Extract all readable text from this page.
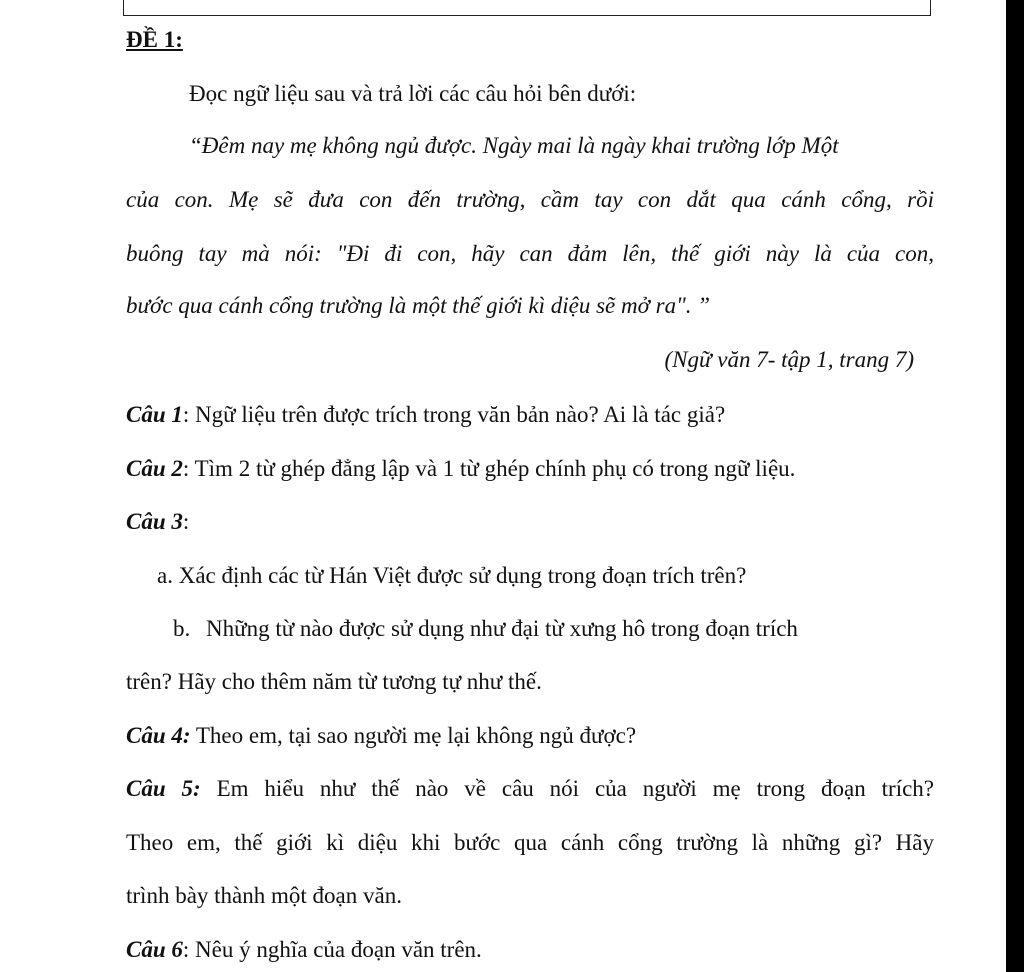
ĐỀ 1:
Đọc ngữ liệu sau và trả lời các câu hỏi bên dưới:
“Đêm nay mẹ không ngủ được. Ngày mai là ngày khai trường lớp Một
của con. Mẹ sẽ đưa con đến trường, cầm tay con dắt qua cánh cổng, rồi
buông tay mà nói: "Đi đi con, hãy can đảm lên, thế giới này là của con,
bước qua cánh cổng trường là một thế giới kì diệu sẽ mở ra". ”
(Ngữ văn 7- tập 1, trang 7)
Câu 1: Ngữ liệu trên được trích trong văn bản nào? Ai là tác giả?
Câu 2: Tìm 2 từ ghép đẳng lập và 1 từ ghép chính phụ có trong ngữ liệu.
Câu 3:
a. Xác định các từ Hán Việt được sử dụng trong đoạn trích trên?
b. Những từ nào được sử dụng như đại từ xưng hô trong đoạn trích
trên? Hãy cho thêm năm từ tương tự như thế.
Câu 4: Theo em, tại sao người mẹ lại không ngủ được?
Câu 5: Em hiểu như thế nào về câu nói của người mẹ trong đoạn trích?
Theo em, thế giới kì diệu khi bước qua cánh cổng trường là những gì? Hãy
trình bày thành một đoạn văn.
Câu 6: Nêu ý nghĩa của đoạn văn trên.
